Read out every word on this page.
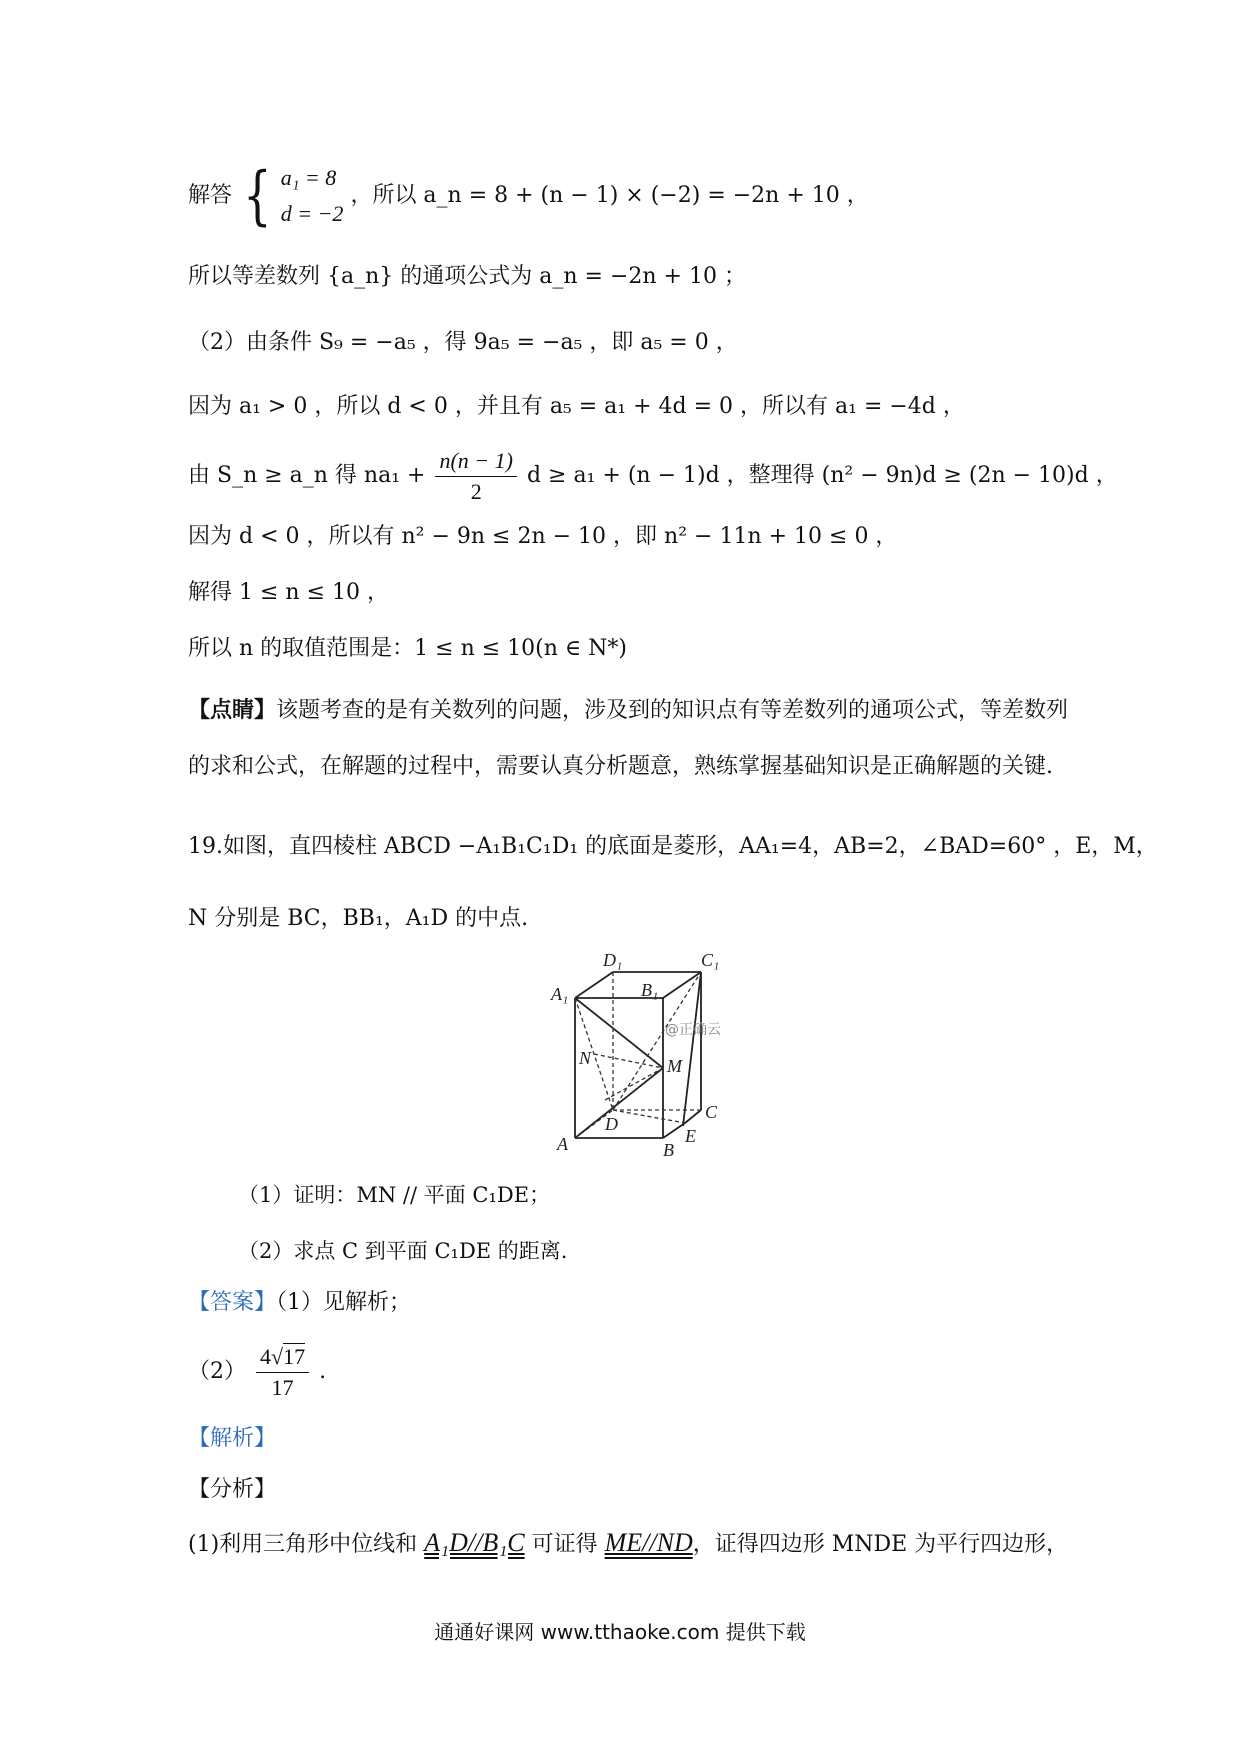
解答 { a₁ = 8
d = −2
，所以 a_n = 8 + (n − 1) × (−2) = −2n + 10 ，
所以等差数列 {a_n} 的通项公式为 a_n = −2n + 10 ；
（2）由条件 S₉ = −a₅ ，得 9a₅ = −a₅ ，即 a₅ = 0 ，
因为 a₁ > 0 ，所以 d < 0 ，并且有 a₅ = a₁ + 4d = 0 ，所以有 a₁ = −4d ，
由 S_n ≥ a_n 得 $na_1 + \frac{n(n - 1)}{2}$ d ≥ a₁ + (n − 1)d ，整理得 (n² − 9n)d ≥ (2n − 10)d ，
因为 d < 0 ，所以有 n² − 9n ≤ 2n − 10 ，即 n² − 11n + 10 ≤ 0 ，
解得 1 ≤ n ≤ 10 ，
所以 n 的取值范围是：1 ≤ n ≤ 10(n ∈ N*)
【点睛】该题考查的是有关数列的问题，涉及到的知识点有等差数列的通项公式，等差数列
的求和公式，在解题的过程中，需要认真分析题意，熟练掌握基础知识是正确解题的关键.
19.如图，直四棱柱 ABCD −A₁B₁C₁D₁ 的底面是菱形，AA₁=4，AB=2，∠BAD=60° ，E，M，
N 分别是 BC，BB₁，A₁D 的中点.
D₁	C₁
A₁	B₁
N	M
D
C
A	B
E
@正确云
（1）证明：MN // 平面 C₁DE；
（2）求点 C 到平面 C₁DE 的距离.
【答案】（1）见解析；
$(2) \frac{4√17}{17}$ .
【解析】
【分析】
(1)利用三角形中位线和 A₁D//B₁C 可证得 ME//ND，证得四边形 MNDE 为平行四边形，
通通好课网 www.tthaoke.com 提供下载
